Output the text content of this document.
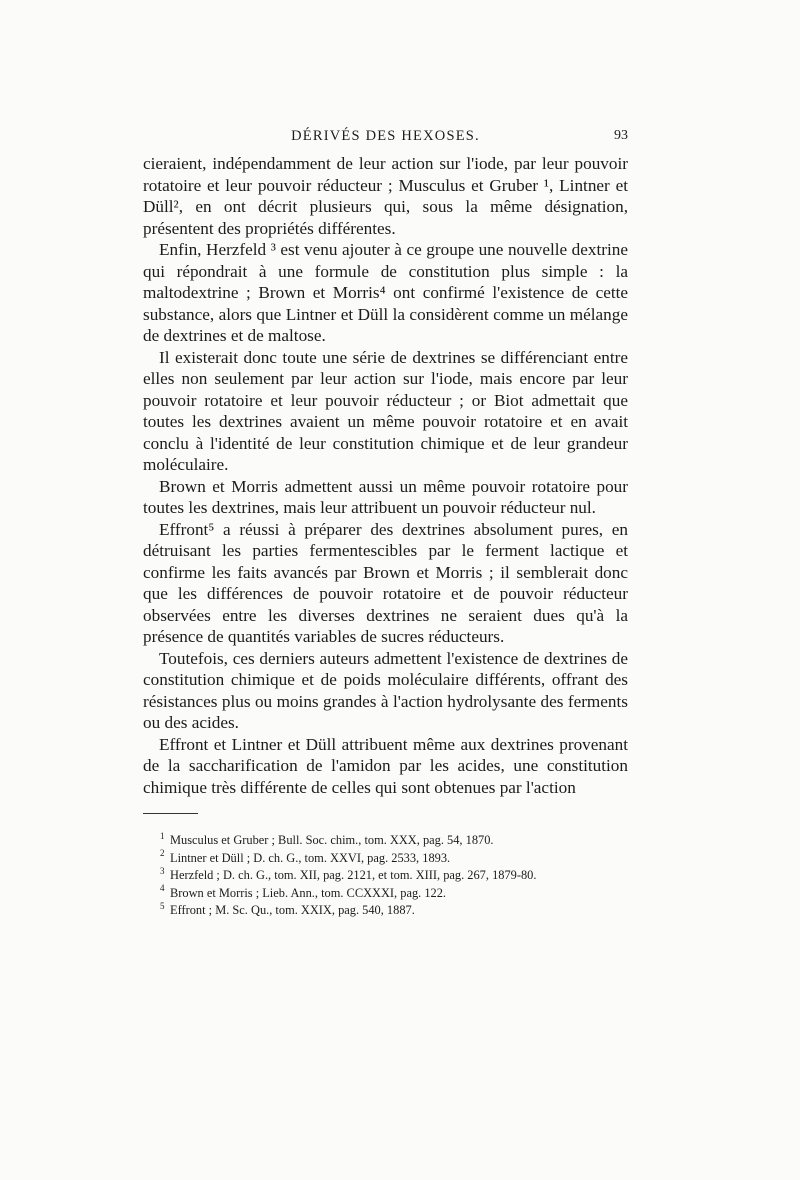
DÉRIVÉS DES HEXOSES.	93

cieraient, indépendamment de leur action sur l'iode, par leur pouvoir rotatoire et leur pouvoir réducteur ; Musculus et Gruber ¹, Lintner et Düll², en ont décrit plusieurs qui, sous la même désignation, présentent des propriétés différentes.

Enfin, Herzfeld ³ est venu ajouter à ce groupe une nouvelle dextrine qui répondrait à une formule de constitution plus simple : la maltodextrine ; Brown et Morris⁴ ont confirmé l'existence de cette substance, alors que Lintner et Düll la considèrent comme un mélange de dextrines et de maltose.

Il existerait donc toute une série de dextrines se différenciant entre elles non seulement par leur action sur l'iode, mais encore par leur pouvoir rotatoire et leur pouvoir réducteur ; or Biot admettait que toutes les dextrines avaient un même pouvoir rotatoire et en avait conclu à l'identité de leur constitution chimique et de leur grandeur moléculaire.

Brown et Morris admettent aussi un même pouvoir rotatoire pour toutes les dextrines, mais leur attribuent un pouvoir réducteur nul.

Effront⁵ a réussi à préparer des dextrines absolument pures, en détruisant les parties fermentescibles par le ferment lactique et confirme les faits avancés par Brown et Morris ; il semblerait donc que les différences de pouvoir rotatoire et de pouvoir réducteur observées entre les diverses dextrines ne seraient dues qu'à la présence de quantités variables de sucres réducteurs.

Toutefois, ces derniers auteurs admettent l'existence de dextrines de constitution chimique et de poids moléculaire différents, offrant des résistances plus ou moins grandes à l'action hydrolysante des ferments ou des acides.

Effront et Lintner et Düll attribuent même aux dextrines provenant de la saccharification de l'amidon par les acides, une constitution chimique très différente de celles qui sont obtenues par l'action

1 Musculus et Gruber ; Bull. Soc. chim., tom. XXX, pag. 54, 1870.

2 Lintner et Düll ; D. ch. G., tom. XXVI, pag. 2533, 1893.

3 Herzfeld ; D. ch. G., tom. XII, pag. 2121, et tom. XIII, pag. 267, 1879-80.

4 Brown et Morris ; Lieb. Ann., tom. CCXXXI, pag. 122.

5 Effront ; M. Sc. Qu., tom. XXIX, pag. 540, 1887.
